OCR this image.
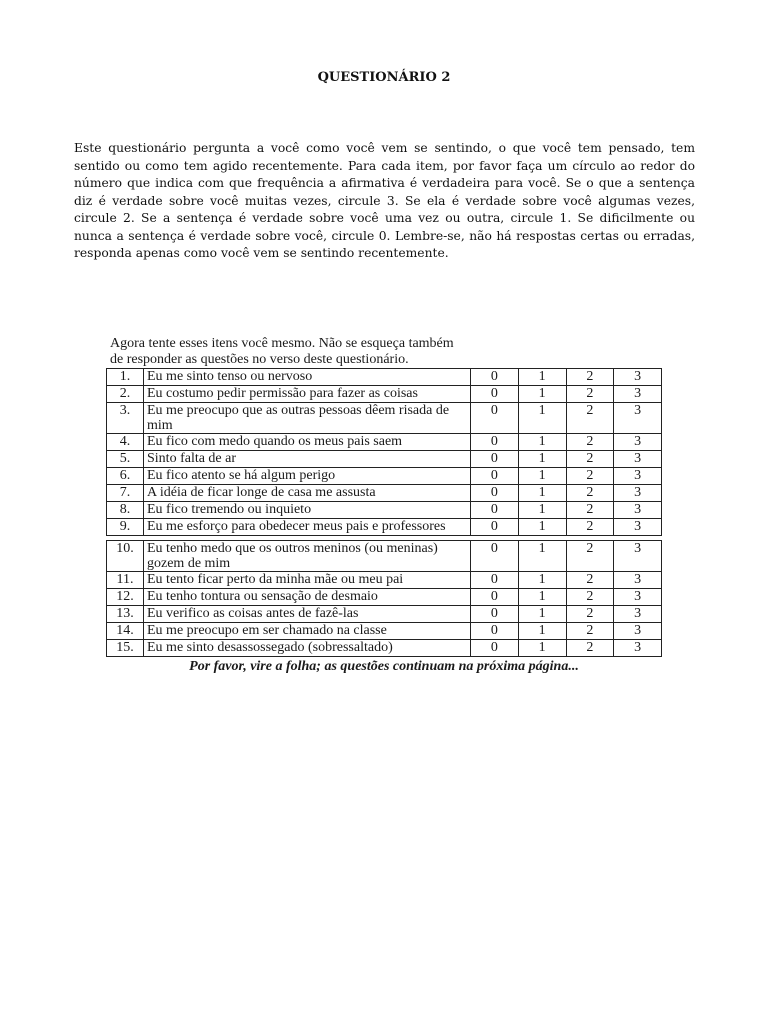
QUESTIONÁRIO 2
Este questionário pergunta a você como você vem se sentindo, o que você tem pensado, tem sentido ou como tem agido recentemente. Para cada item, por favor faça um círculo ao redor do número que indica com que frequência a afirmativa é verdadeira para você. Se o que a sentença diz é verdade sobre você muitas vezes, circule 3. Se ela é verdade sobre você algumas vezes, circule 2. Se a sentença é verdade sobre você uma vez ou outra, circule 1. Se dificilmente ou nunca a sentença é verdade sobre você, circule 0. Lembre-se, não há respostas certas ou erradas, responda apenas como você vem se sentindo recentemente.
Agora tente esses itens você mesmo. Não se esqueça também
de responder as questões no verso deste questionário.
1.	Eu me sinto tenso ou nervoso	0	1	2	3
2.	Eu costumo pedir permissão para fazer as coisas	0	1	2	3
3.	Eu me preocupo que as outras pessoas dêem risada de mim	0	1	2	3
4.	Eu fico com medo quando os meus pais saem	0	1	2	3
5.	Sinto falta de ar	0	1	2	3
6.	Eu fico atento se há algum perigo	0	1	2	3
7.	A idéia de ficar longe de casa me assusta	0	1	2	3
8.	Eu fico tremendo ou inquieto	0	1	2	3
9.	Eu me esforço para obedecer meus pais e professores	0	1	2	3
10.	Eu tenho medo que os outros meninos (ou meninas) gozem de mim	0	1	2	3
11.	Eu tento ficar perto da minha mãe ou meu pai	0	1	2	3
12.	Eu tenho tontura ou sensação de desmaio	0	1	2	3
13.	Eu verifico as coisas antes de fazê-las	0	1	2	3
14.	Eu me preocupo em ser chamado na classe	0	1	2	3
15.	Eu me sinto desassossegado (sobressaltado)	0	1	2	3
Por favor, vire a folha; as questões continuam na próxima página...
